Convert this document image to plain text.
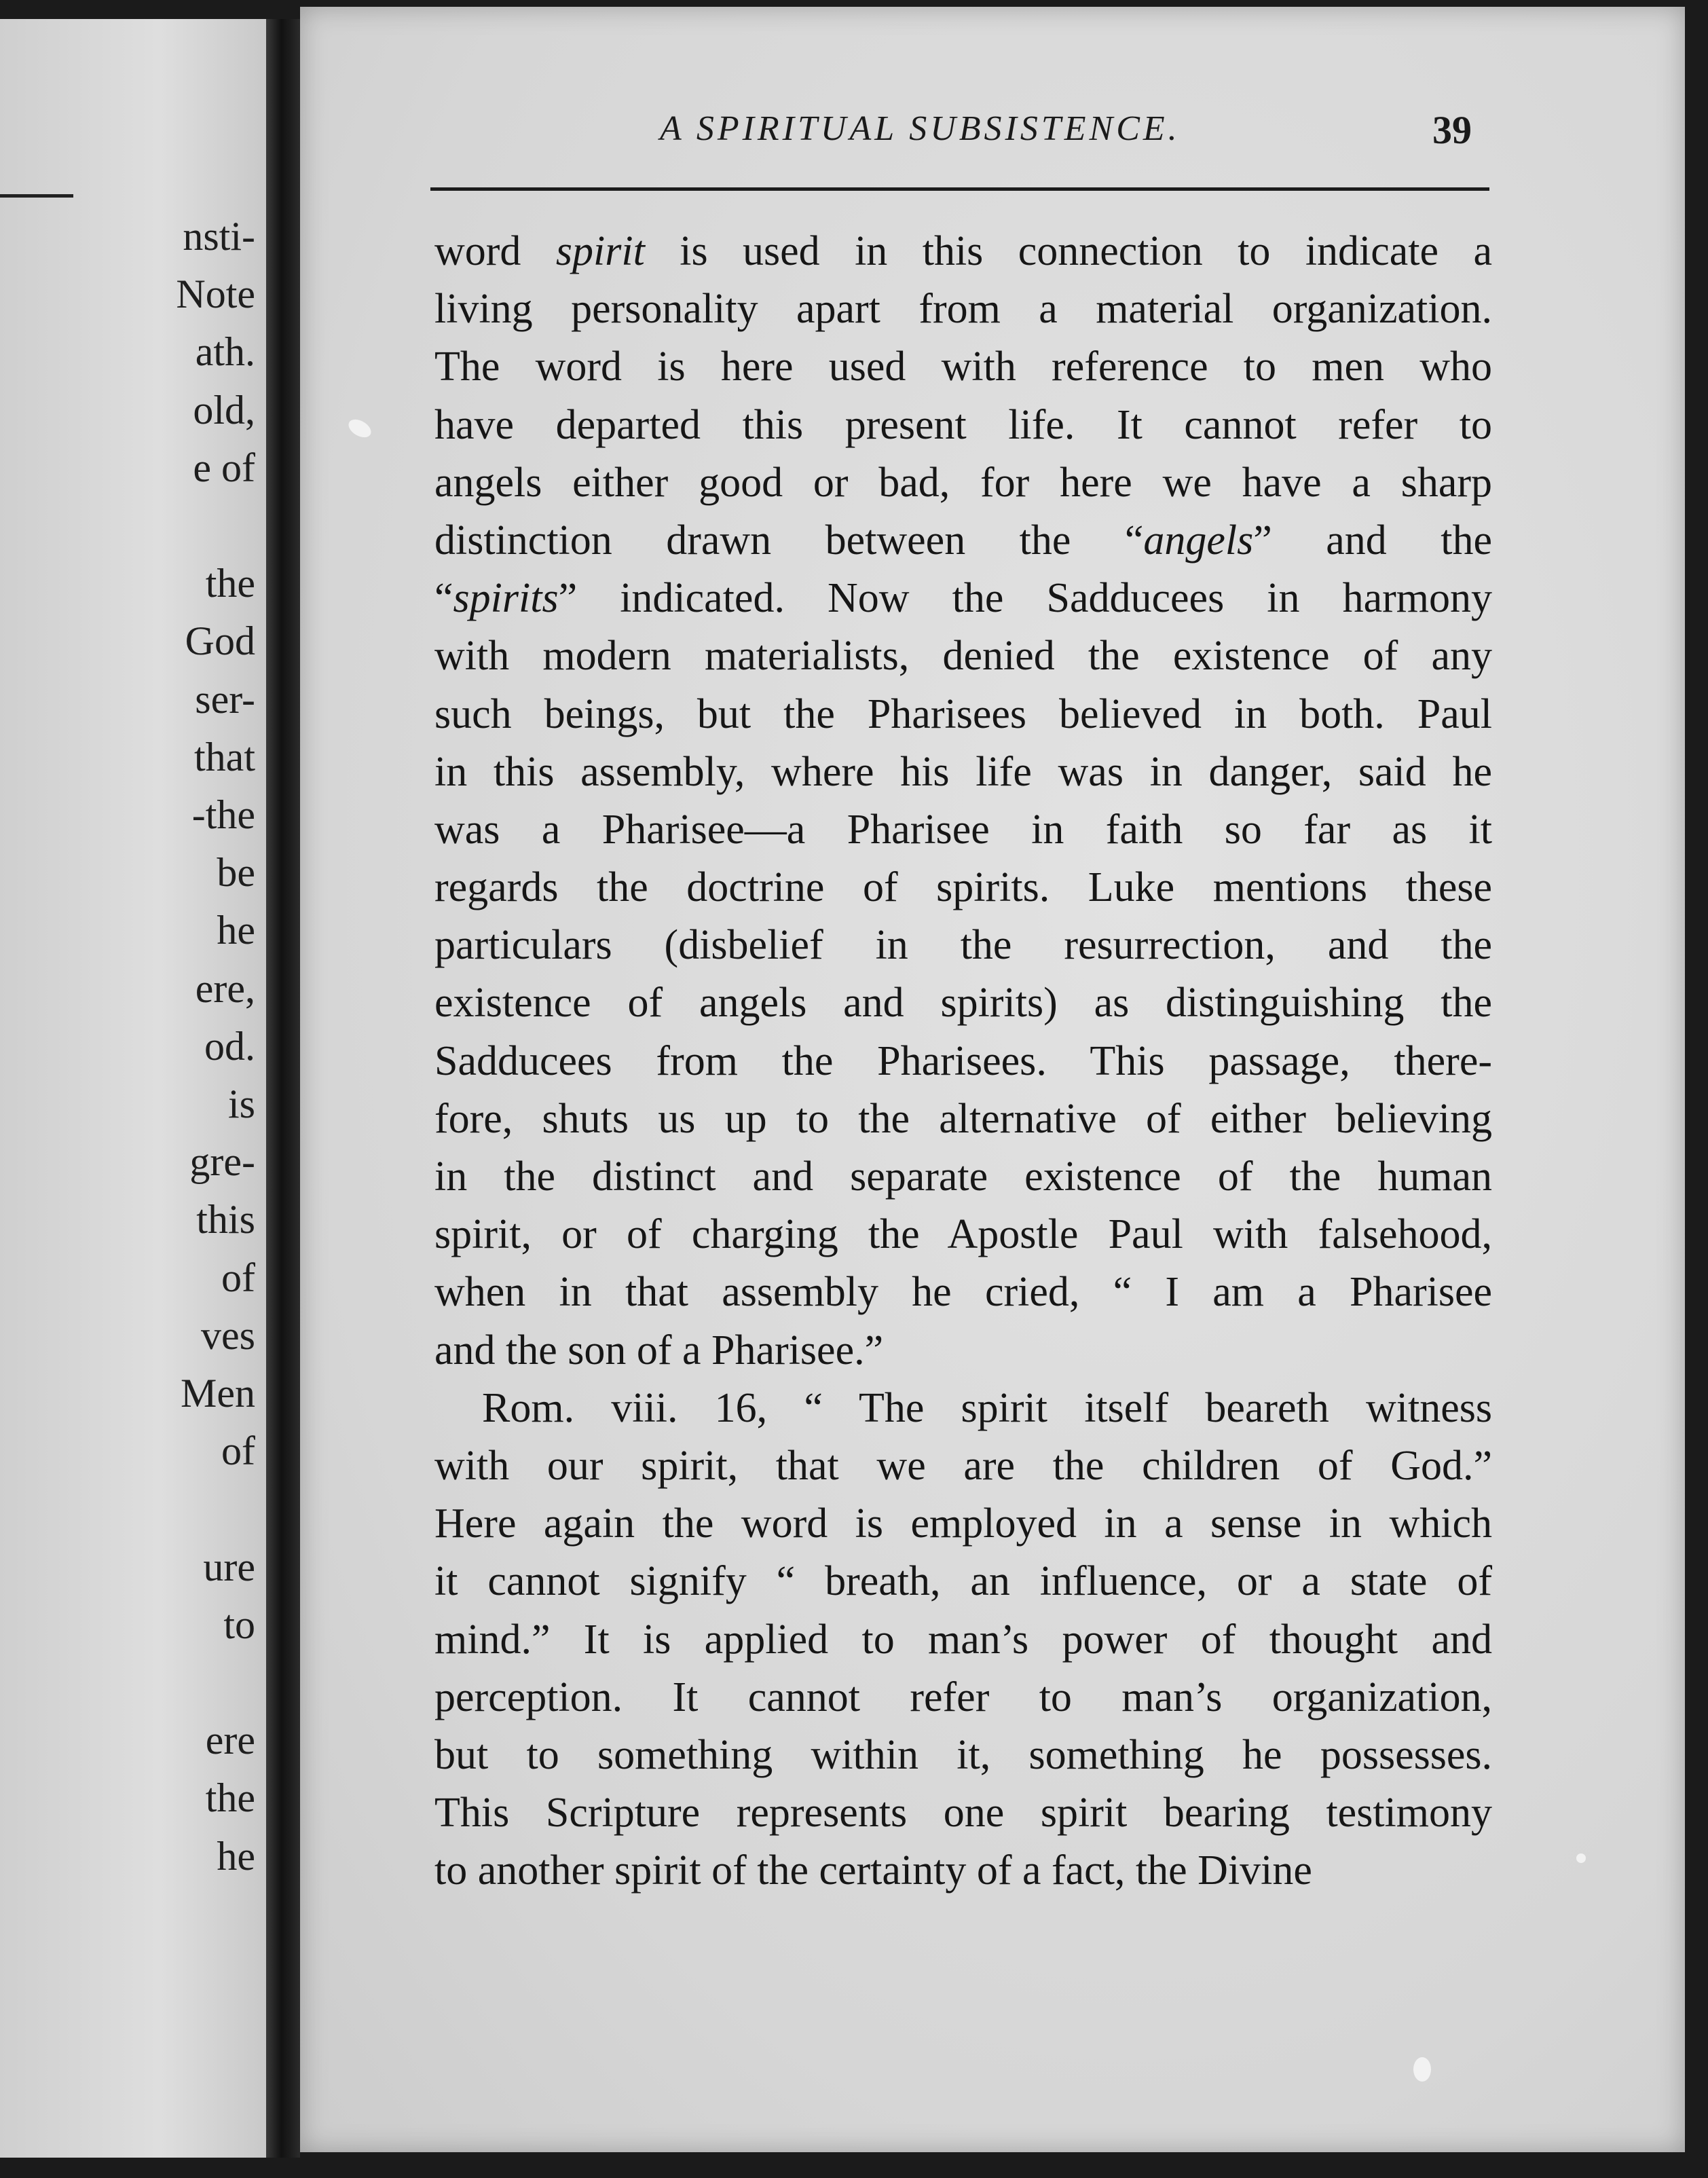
nsti-
Note
ath.
old,
e of
the
God
ser-
that
-the
be
he
ere,
od.
is
gre-
this
of
ves
Men
of
ure
to
ere
the
he
A SPIRITUAL SUBSISTENCE.	39
word spirit is used in this connection to indicate a
living personality apart from a material organization.
The word is here used with reference to men who
have departed this present life. It cannot refer to
angels either good or bad, for here we have a sharp
distinction drawn between the “angels” and the
“spirits” indicated. Now the Sadducees in harmony
with modern materialists, denied the existence of any
such beings, but the Pharisees believed in both. Paul
in this assembly, where his life was in danger, said he
was a Pharisee—a Pharisee in faith so far as it
regards the doctrine of spirits. Luke mentions these
particulars (disbelief in the resurrection, and the
existence of angels and spirits) as distinguishing the
Sadducees from the Pharisees. This passage, there-
fore, shuts us up to the alternative of either believing
in the distinct and separate existence of the human
spirit, or of charging the Apostle Paul with falsehood,
when in that assembly he cried, “ I am a Pharisee
and the son of a Pharisee.”
Rom. viii. 16, “ The spirit itself beareth witness
with our spirit, that we are the children of God.”
Here again the word is employed in a sense in which
it cannot signify “ breath, an influence, or a state of
mind.” It is applied to man’s power of thought and
perception. It cannot refer to man’s organization,
but to something within it, something he possesses.
This Scripture represents one spirit bearing testimony
to another spirit of the certainty of a fact, the Divine
